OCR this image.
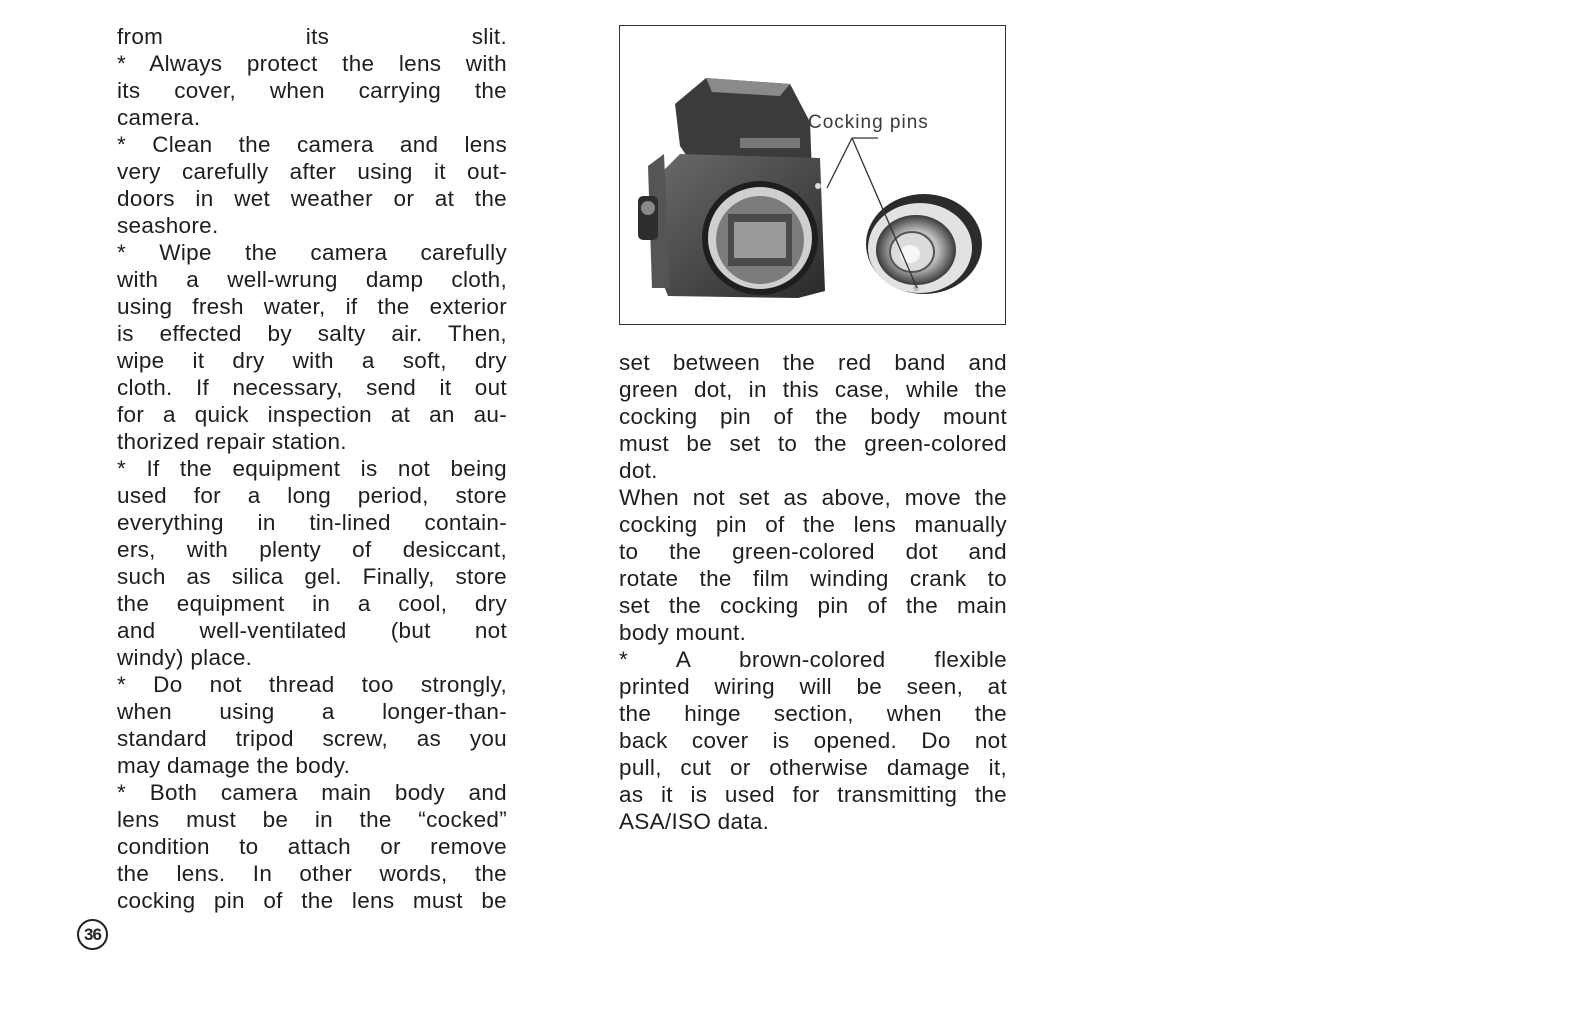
from its slit.
* Always protect the lens with
its cover, when carrying the
camera.
* Clean the camera and lens
very carefully after using it out-
doors in wet weather or at the
seashore.
* Wipe the camera carefully
with a well-wrung damp cloth,
using fresh water, if the exterior
is effected by salty air. Then,
wipe it dry with a soft, dry
cloth. If necessary, send it out
for a quick inspection at an au-
thorized repair station.
* If the equipment is not being
used for a long period, store
everything in tin-lined contain-
ers, with plenty of desiccant,
such as silica gel. Finally, store
the equipment in a cool, dry
and well-ventilated (but not
windy) place.
* Do not thread too strongly,
when using a longer-than-
standard tripod screw, as you
may damage the body.
* Both camera main body and
lens must be in the “cocked”
condition to attach or remove
the lens. In other words, the
cocking pin of the lens must be
Cocking pins
set between the red band and
green dot, in this case, while the
cocking pin of the body mount
must be set to the green-colored
dot.
When not set as above, move the
cocking pin of the lens manually
to the green-colored dot and
rotate the film winding crank to
set the cocking pin of the main
body mount.
* A brown-colored flexible
printed wiring will be seen, at
the hinge section, when the
back cover is opened. Do not
pull, cut or otherwise damage it,
as it is used for transmitting the
ASA/ISO data.
36
